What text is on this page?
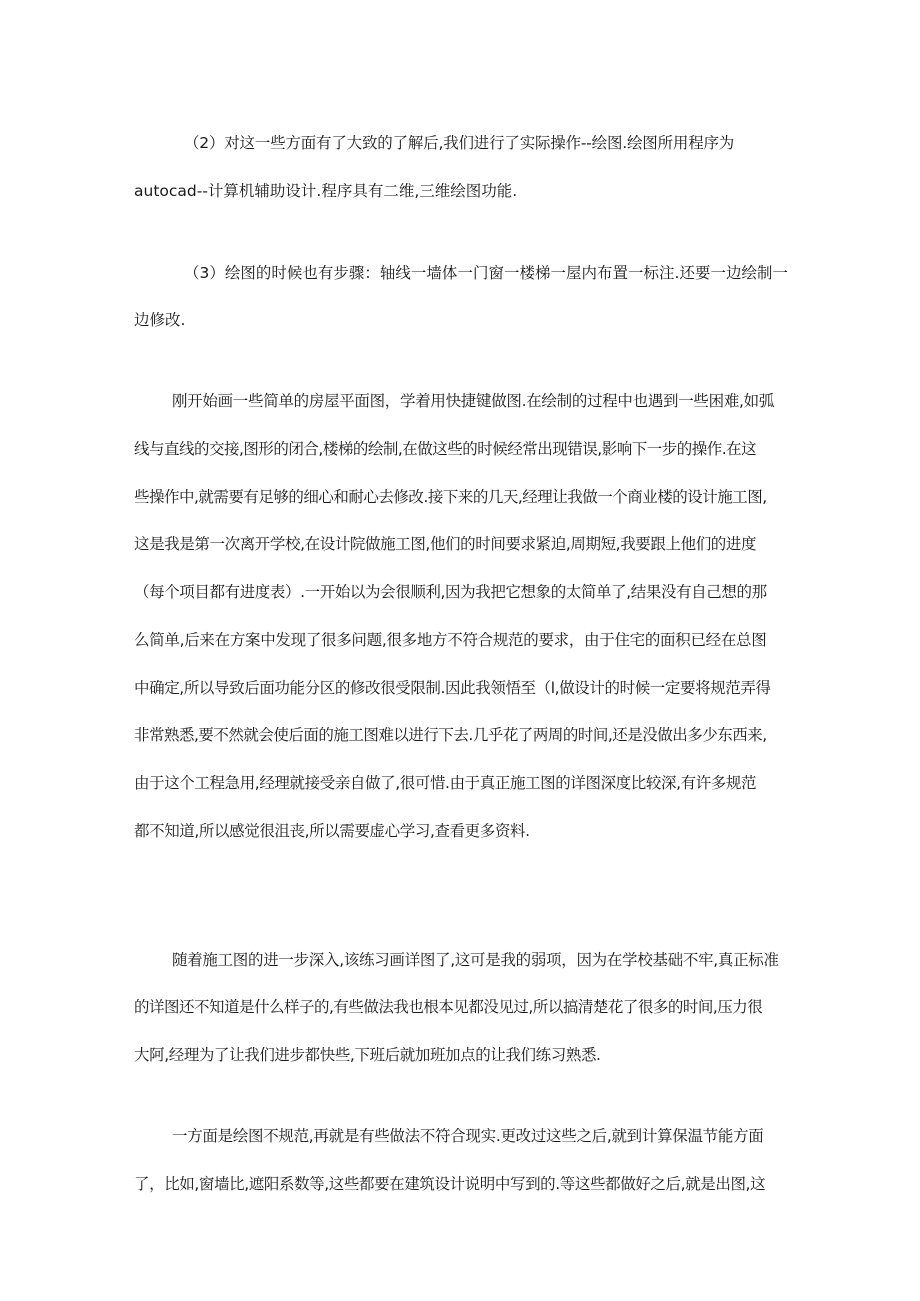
（2）对这一些方面有了大致的了解后,我们进行了实际操作--绘图.绘图所用程序为
autocad--计算机辅助设计.程序具有二维,三维绘图功能.
（3）绘图的时候也有步骤：轴线一墙体一门窗一楼梯一屋内布置一标注.还要一边绘制一
边修改.
刚开始画一些简单的房屋平面图，学着用快捷键做图.在绘制的过程中也遇到一些困难,如弧
线与直线的交接,图形的闭合,楼梯的绘制,在做这些的时候经常出现错误,影响下一步的操作.在这
些操作中,就需要有足够的细心和耐心去修改.接下来的几天,经理让我做一个商业楼的设计施工图,
这是我是第一次离开学校,在设计院做施工图,他们的时间要求紧迫,周期短,我要跟上他们的进度
（每个项目都有进度表）.一开始以为会很顺利,因为我把它想象的太简单了,结果没有自己想的那
么简单,后来在方案中发现了很多问题,很多地方不符合规范的要求，由于住宅的面积已经在总图
中确定,所以导致后面功能分区的修改很受限制.因此我领悟至（l,做设计的时候一定要将规范弄得
非常熟悉,要不然就会使后面的施工图难以进行下去.几乎花了两周的时间,还是没做出多少东西来,
由于这个工程急用,经理就接受亲自做了,很可惜.由于真正施工图的详图深度比较深,有许多规范
都不知道,所以感觉很沮丧,所以需要虚心学习,查看更多资料.
随着施工图的进一步深入,该练习画详图了,这可是我的弱项，因为在学校基础不牢,真正标准
的详图还不知道是什么样子的,有些做法我也根本见都没见过,所以搞清楚花了很多的时间,压力很
大阿,经理为了让我们进步都快些,下班后就加班加点的让我们练习熟悉.
一方面是绘图不规范,再就是有些做法不符合现实.更改过这些之后,就到计算保温节能方面
了，比如,窗墙比,遮阳系数等,这些都要在建筑设计说明中写到的.等这些都做好之后,就是出图,这
